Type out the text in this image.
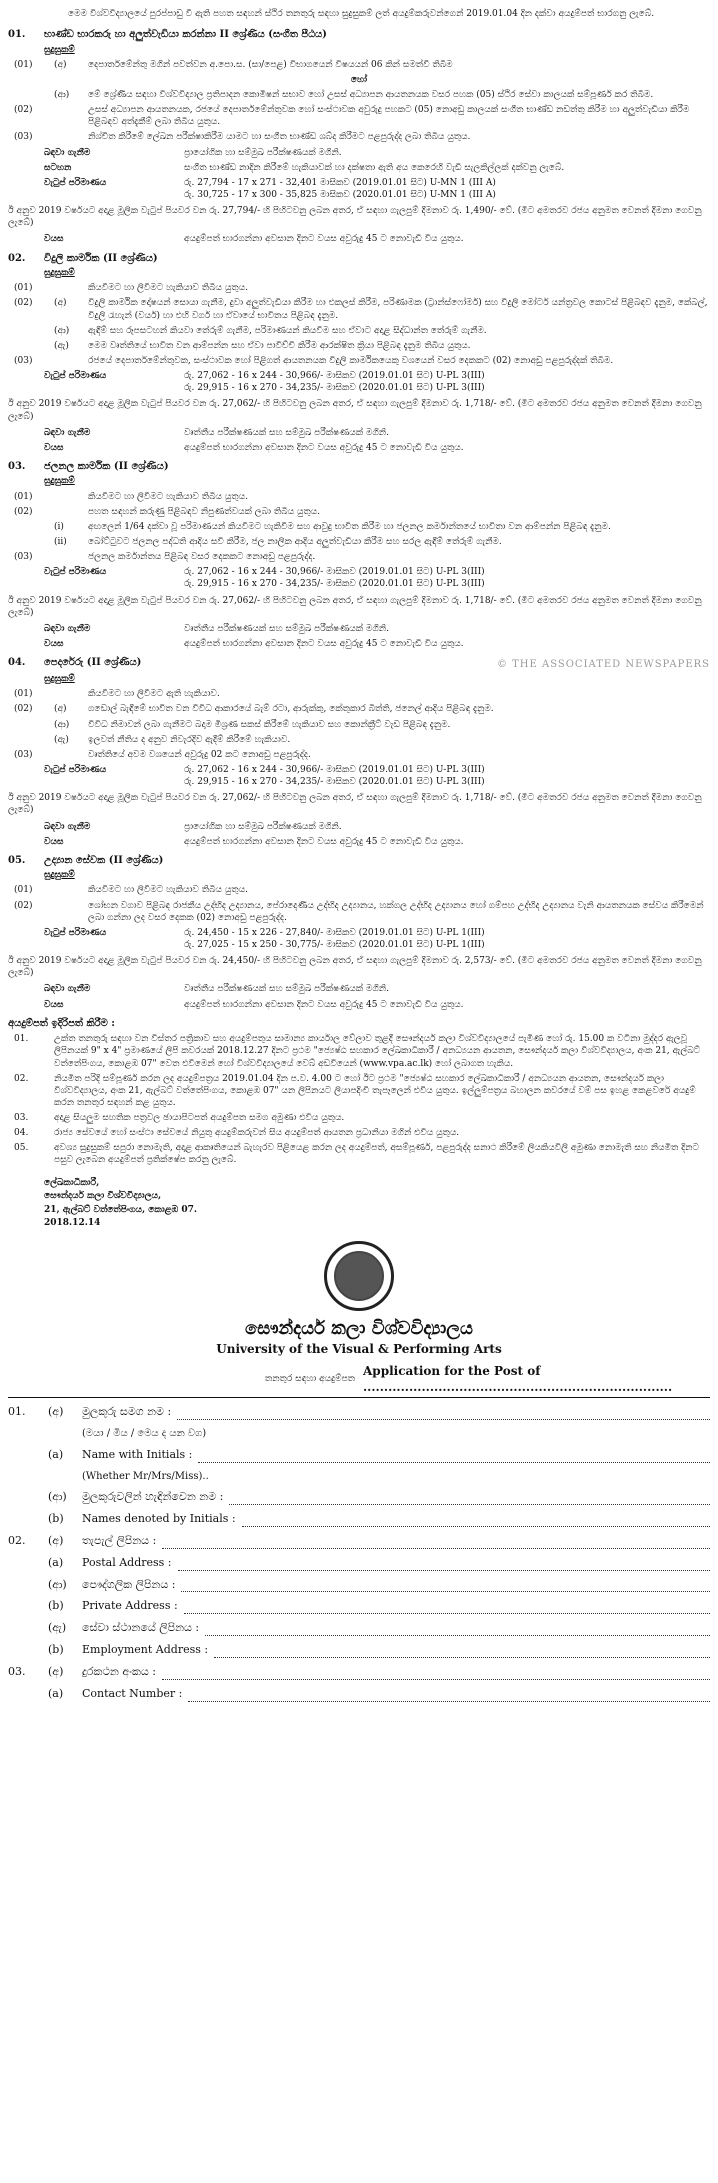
මෙම විශ්වවිද්‍යාලයේ පුරප්පාඩු වී ඇති පහත සඳහන් ස්ථිර තනතුරු සඳහා සුදුසුකම් ලත් අයදුම්කරුවන්ගෙන් 2019.01.04 දින දක්වා අයදුම්පත් භාරගනු ලැබේ.

01.	භාණ්ඩ භාරකරු හා අලුත්වැඩියා කරන්නා II ශ්‍රේණිය (සංගීත පීඨය)
සුදුසුකම්
(01)	(අ)	දෙපාර්තමේන්තු මගින් පවත්වන අ.පො.ස. (සා/පෙළ) විභාගයෙන් විෂයයන් 06 කින් සමත්වී තිබීම
හෝ
(ආ)	මේ ශ්‍රේණිය සඳහා විශ්වවිද්‍යාල ප්‍රතිපාදන කොමිෂන් සභාව හෝ උසස් අධ්‍යාපන ආයතනයක වසර පහක (05) ස්ථිර සේවා කාලයක් සම්පූර්ණ කර තිබීම.
(02)	උසස් අධ්‍යාපන ආයතනයක, රජයේ දෙපාර්තමේන්තුවක හෝ සංස්ථාවක අවුරුදු පහකට (05) නොඅඩු කාලයක් සංගීත භාණ්ඩ නඩත්තු කිරීම හා අලුත්වැඩියා කිරීම පිළිබඳව අත්දැකීම් ලබා තිබිය යුතුය.
(03)	නිශ්චිත කිරීමේ ලේඛන පරීක්ෂාකිරීම යාමට හා සංගීත භාණ්ඩ ශබ්ද කිරීමට පළපුරුද්ද ලබා තිබිය යුතුය.
බඳවා ගැනීම	ප්‍රායෝගික හා සම්මුඛ පරීක්ෂණයක් මගිනි.
සටහන	සංගීත භාණ්ඩ නාදින කිරීමේ හැකියාවක් හා දක්ෂතා ඇති අය කෙරෙහි වැඩි සැලකිල්ලක් දක්වනු ලැබේ.
වැටුප් පරිමාණය	රු. 27,794 - 17 x 271 - 32,401 මාසිකව (2019.01.01 සිට) U-MN 1 (III A)
රු. 30,725 - 17 x 300 - 35,825 මාසිකව (2020.01.01 සිට) U-MN 1 (III A)
ඊ අනුව 2019 වර්ෂයට අදාළ මූලික වැටුප් පියවර වන රු. 27,794/- හි පිහිටවනු ලබන අතර, ඒ සඳහා ගැලපුම් දීමනාව රු. 1,490/- වේ. (මීට අමතරව රජය අනුමත වෙනත් දීමනා ගෙවනු ලැබේ)
වයස	අයදුම්පත් භාරගන්නා අවසාන දිනට වයස අවුරුදු 45 ට නොවැඩි විය යුතුය.
02.	විදුලි කාර්මික (II ශ්‍රේණිය)
සුදුසුකම්
(01)	කියවීමට හා ලිවීමට හැකියාව තිබිය යුතුය.
(02)	(අ)	විදුලි කාර්මික දෝෂයන් සොයා ගැනීම, දුවා අලුත්වැඩියා කිරීම හා එකලස් කිරීම, පරිණාමක (ට්‍රාන්ස්ෆෝමර්) සහ විදුලි මෝටර් යන්ත්‍රවල කොටස් පිළිබඳව දැනුම, කේබල්, විදුලි රැහැන් (වයර්) හා එහි වර්ග හා ඒවායේ භාවිතය පිළිබඳ දැනුම.
(ආ)	ඇඳීම් සහ රූපසටහන් කියවා තේරුම් ගැනීම, පරිමාණයන් කියවීම සහ ඒවාට අදාළ සිද්ධාන්ත තේරුම් ගැනීම.
(ඇ)	මෙම වෘත්තියේ භාවිත වන ආම්පන්න සහ ඒවා පාවිච්චි කිරීම ආරක්ෂිත ක්‍රියා පිළිබඳ දැනුම තිබිය යුතුය.
(03)	රජයේ දෙපාර්තමේන්තුවක, සංස්ථාවක හෝ පිළිගත් ආයතනයක විදුලි කාර්මිකයෙකු වශයෙන් වසර දෙකකට (02) නොඅඩු පළපුරුද්දක් තිබීම.
වැටුප් පරිමාණය	රු. 27,062 - 16 x 244 - 30,966/- මාසිකව (2019.01.01 සිට) U-PL 3(III)
රු. 29,915 - 16 x 270 - 34,235/- මාසිකව (2020.01.01 සිට) U-PL 3(III)
ඊ අනුව 2019 වර්ෂයට අදාළ මූලික වැටුප් පියවර වන රු. 27,062/- හි පිහිටවනු ලබන අතර, ඒ සඳහා ගැලපුම් දීමනාව රු. 1,718/- වේ. (මීට අමතරව රජය අනුමත වෙනත් දීමනා ගෙවනු ලැබේ)
බඳවා ගැනීම	වෘත්තීය පරීක්ෂණයක් සහ සම්මුඛ පරීක්ෂණයක් මගිනි.
වයස	අයදුම්පත් භාරගන්නා අවසාන දිනට වයස අවුරුදු 45 ට නොවැඩි විය යුතුය.
03.	ජලනල කාර්මික (II ශ්‍රේණිය)
සුදුසුකම්
(01)	කියවීමට හා ලිවීමට හැකියාව තිබිය යුතුය.
(02)	පහත සඳහන් කරුණු පිළිබඳව නිපුණත්වයක් ලබා තිබිය යුතුය.
(i)	අඟලෙන් 1/64 දක්වා වූ පරිමාණයන් කියවීමට හැකිවීම සහ ආවුදු භාවිත කිරීම හා ජලනල කර්මාන්තයේ භාවිතා වන ආම්පන්න පිළිබඳ දැනුම.
(ii)	බෝට්ටුවට ජලනල පද්ධති ආදිය සවි කිරීම, ජල නාලික ආදිය අලුත්වැඩියා කිරීම සහ සරල ඇඳීම් තේරුම් ගැනීම.
(03)	ජලනල කර්මාන්තය පිළිබඳ වසර දෙකකට නොඅඩු පළපුරුද්ද.
වැටුප් පරිමාණය	රු. 27,062 - 16 x 244 - 30,966/- මාසිකව (2019.01.01 සිට) U-PL 3(III)
රු. 29,915 - 16 x 270 - 34,235/- මාසිකව (2020.01.01 සිට) U-PL 3(III)
ඊ අනුව 2019 වර්ෂයට අදාළ මූලික වැටුප් පියවර වන රු. 27,062/- හි පිහිටවනු ලබන අතර, ඒ සඳහා ගැලපුම් දීමනාව රු. 1,718/- වේ. (මීට අමතරව රජය අනුමත වෙනත් දීමනා ගෙවනු ලැබේ)
බඳවා ගැනීම	වෘත්තීය පරීක්ෂණයක් සහ සම්මුඛ පරීක්ෂණයක් මගිනි.
වයස	අයදුම්පත් භාරගන්නා අවසාන දිනට වයස අවුරුදු 45 ට නොවැඩි විය යුතුය.
04.	පෙදරේරු (II ශ්‍රේණිය)	© THE ASSOCIATED NEWSPAPERS
සුදුසුකම්
(01)	කියවීමට හා ලිවීමට ඇති හැකියාව.
(02)	(අ)	ගඩොල් බැඳීමේ භාවිත වන විවිධ ආකාරයේ බැම් රටා, ආරුක්කු, කේතුකාර බිත්ති, ජනෙල් ආදිය පිළිබඳ දැනුම.
(ආ)	විවිධ නිමාවන් ලබා ගැනීමට බදාම මිශ්‍රණ සකස් කිරීමේ හැකියාව සහ කොන්ක්‍රීට් වැඩ පිළිබඳ දැනුම.
(ඇ)	ඉලවත් නීතිය ද අනුව නිවැරදිව ඇදීම් කිරීමේ හැකියාව.
(03)	වෘත්තියේ අවම වශයෙන් අවුරුදු 02 කට නොඅඩු පළපුරුද්ද.
වැටුප් පරිමාණය	රු. 27,062 - 16 x 244 - 30,966/- මාසිකව (2019.01.01 සිට) U-PL 3(III)
රු. 29,915 - 16 x 270 - 34,235/- මාසිකව (2020.01.01 සිට) U-PL 3(III)
ඊ අනුව 2019 වර්ෂයට අදාළ මූලික වැටුප් පියවර වන රු. 27,062/- හි පිහිටවනු ලබන අතර, ඒ සඳහා ගැලපුම් දීමනාව රු. 1,718/- වේ. (මීට අමතරව රජය අනුමත වෙනත් දීමනා ගෙවනු ලැබේ)
බඳවා ගැනීම	ප්‍රායෝගික හා සම්මුඛ පරීක්ෂණයක් මගිනි.
වයස	අයදුම්පත් භාරගන්නා අවසාන දිනට වයස අවුරුදු 45 ට නොවැඩි විය යුතුය.
05.	උද්‍යාන සේවක (II ශ්‍රේණිය)
සුදුසුකම්
(01)	කියවීමට හා ලිවීමට හැකියාව තිබිය යුතුය.
(02)	ශෝභන වගාව පිළිබඳ රාජකීය උද්භිද උද්‍යානය, පේරාදෙණිය උද්භිද උද්‍යානය, හක්ගල උද්භිද උද්‍යානය හෝ ගම්පහ උද්භිද උද්‍යානය වැනි ආයතනයක සේවය කිරීමෙන් ලබා ගන්නා ලද වසර දෙකක (02) නොඅඩු පළපුරුද්ද.
වැටුප් පරිමාණය	රු. 24,450 - 15 x 226 - 27,840/- මාසිකව (2019.01.01 සිට) U-PL 1(III)
රු. 27,025 - 15 x 250 - 30,775/- මාසිකව (2020.01.01 සිට) U-PL 1(III)
ඊ අනුව 2019 වර්ෂයට අදාළ මූලික වැටුප් පියවර වන රු. 24,450/- හි පිහිටවනු ලබන අතර, ඒ සඳහා ගැලපුම් දීමනාව රු. 2,573/- වේ. (මීට අමතරව රජය අනුමත වෙනත් දීමනා ගෙවනු ලැබේ)
බඳවා ගැනීම	වෘත්තීය පරීක්ෂණයක් සහ සම්මුඛ පරීක්ෂණයක් මගිනි.
වයස	අයදුම්පත් භාරගන්නා අවසාන දිනට වයස අවුරුදු 45 ට නොවැඩි විය යුතුය.
අයදුම්පත් ඉදිරිපත් කිරීම :
01.	උක්ත තනතුරු සඳහා වන විස්තර පත්‍රිකාව සහ අයදුම්පතුය සාමාන්‍ය කාර්යාල වේලාව තුළදී සෞන්දර්ය කලා විශ්වවිද්‍යාලයේ පැමිණ හෝ රු. 15.00 ක වටිනා මුද්දර ඇලවූ ලිපිනයක් 9" x 4" ප්‍රමාණයේ ලිපි කවරයක් 2018.12.27 දිනට ප්‍රථම "ජ්‍යෙෂ්ඨ සහකාර ලේඛකාධිකාරී / අනධ්‍යයන ආයතන, සෞන්දර්ය කලා විශ්වවිද්‍යාලය, අංක 21, ඇල්බට් වත්තේපිංගය, කොළඹ 07" වෙත එවීමෙන් හෝ විශ්වවිද්‍යාලයේ වෙබ් අඩවියෙන් (www.vpa.ac.lk) හෝ ලබාගත හැකිය.
02.	නියමිත පරිදි සම්පූර්ණ කරන ලද අයදුම්පත්‍රය 2019.01.04 දින ප.ව. 4.00 ට හෝ ඊට ප්‍රථම "ජ්‍යෙෂ්ඨ සහකාර ලේඛකාධිකාරී / අනධ්‍යයන ආයතන, සෞන්දර්ය කලා විශ්වවිද්‍යාලය, අංක 21, ඇල්බට් වත්තේපිංගය, කොළඹ 07" යන ලිපිනයට ලියාපදිංචි තැපෑලෙන් එවිය යුතුය. ඉල්ලුම්පත්‍රය බහාලන කවරයේ වම් පස ඉහළ කෙළවරේ අයදුම් කරන තනතුර සඳහන් කළ යුතුය.
03.	අදාළ සියලුම සහතික පත්‍රවල ඡායාපිටපත් අයදුම්පත සමග අමුණා එවිය යුතුය.
04.	රාජ්‍ය සේවයේ හෝ සංස්ථා සේවයේ නියුතු අයදුම්කරුවන් සිය අයදුම්පත් ආයතන ප්‍රධානියා මගින් එවිය යුතුය.
05.	අවශ්‍ය සුදුසුකම් සපුරා නොමැති, අදාළ ආකෘතියෙන් බැහැරව පිළියෙළ කරන ලද අයදුම්පත්, අසම්පූර්ණ, පළපුරුද්ද සනාථ කිරීමේ ලියකියවිලි අමුණා නොමැති සහ නියමිත දිනට පසුව ලැබෙන අයදුම්පත් ප්‍රතික්ෂේප කරනු ලැබේ.
ලේඛකාධිකාරී,
සෞන්දර්ය කලා විශ්වවිද්‍යාලය,
21, ඇල්බට් වත්තේපිංගය, කොළඹ 07.
2018.12.14
සෞන්දර්ය කලා විශ්වවිද්‍යාලය
University of the Visual & Performing Arts
තනතුර සඳහා අයදුම්පත
Application for the Post of ..........................................................................
01.	(අ)	මුලකුරු සමග නම :
(මයා / මිය / මෙය ද යන වග)
(a)	Name with Initials :
(Whether Mr/Mrs/Miss)..
(ආ)	මුලකුරුවලින් හැඳින්වෙන නම :
(b)	Names denoted by Initials :
02.	(අ)	තැපැල් ලිපිනය :
(a)	Postal Address :
(ආ)	පෞද්ගලික ලිපිනය :
(b)	Private Address :
(ඇ)	සේවා ස්ථානයේ ලිපිනය :
(b)	Employment Address :
03.	(අ)	දුරකථන අංකය :
(a)	Contact Number :
